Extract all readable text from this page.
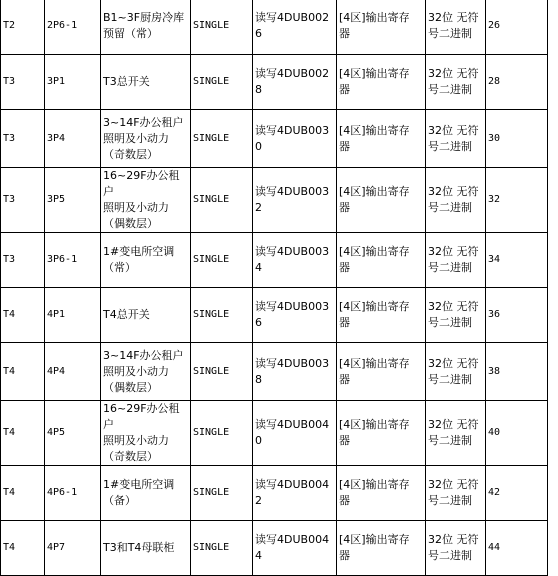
T2	2P6-1	B1~3F厨房冷库
预留（常）	SINGLE	读写4DUB0026	[4区]输出寄存
器	32位 无符
号二进制	26
T3	3P1	T3总开关	SINGLE	读写4DUB0028	[4区]输出寄存
器	32位 无符
号二进制	28
T3	3P4	3~14F办公租户
照明及小动力
（奇数层）	SINGLE	读写4DUB0030	[4区]输出寄存
器	32位 无符
号二进制	30
T3	3P5	16~29F办公租户
照明及小动力
（偶数层）	SINGLE	读写4DUB0032	[4区]输出寄存
器	32位 无符
号二进制	32
T3	3P6-1	1#变电所空调
（常）	SINGLE	读写4DUB0034	[4区]输出寄存
器	32位 无符
号二进制	34
T4	4P1	T4总开关	SINGLE	读写4DUB0036	[4区]输出寄存
器	32位 无符
号二进制	36
T4	4P4	3~14F办公租户
照明及小动力
（偶数层）	SINGLE	读写4DUB0038	[4区]输出寄存
器	32位 无符
号二进制	38
T4	4P5	16~29F办公租户
照明及小动力
（奇数层）	SINGLE	读写4DUB0040	[4区]输出寄存
器	32位 无符
号二进制	40
T4	4P6-1	1#变电所空调
（备）	SINGLE	读写4DUB0042	[4区]输出寄存
器	32位 无符
号二进制	42
T4	4P7	T3和T4母联柜	SINGLE	读写4DUB0044	[4区]输出寄存
器	32位 无符
号二进制	44
